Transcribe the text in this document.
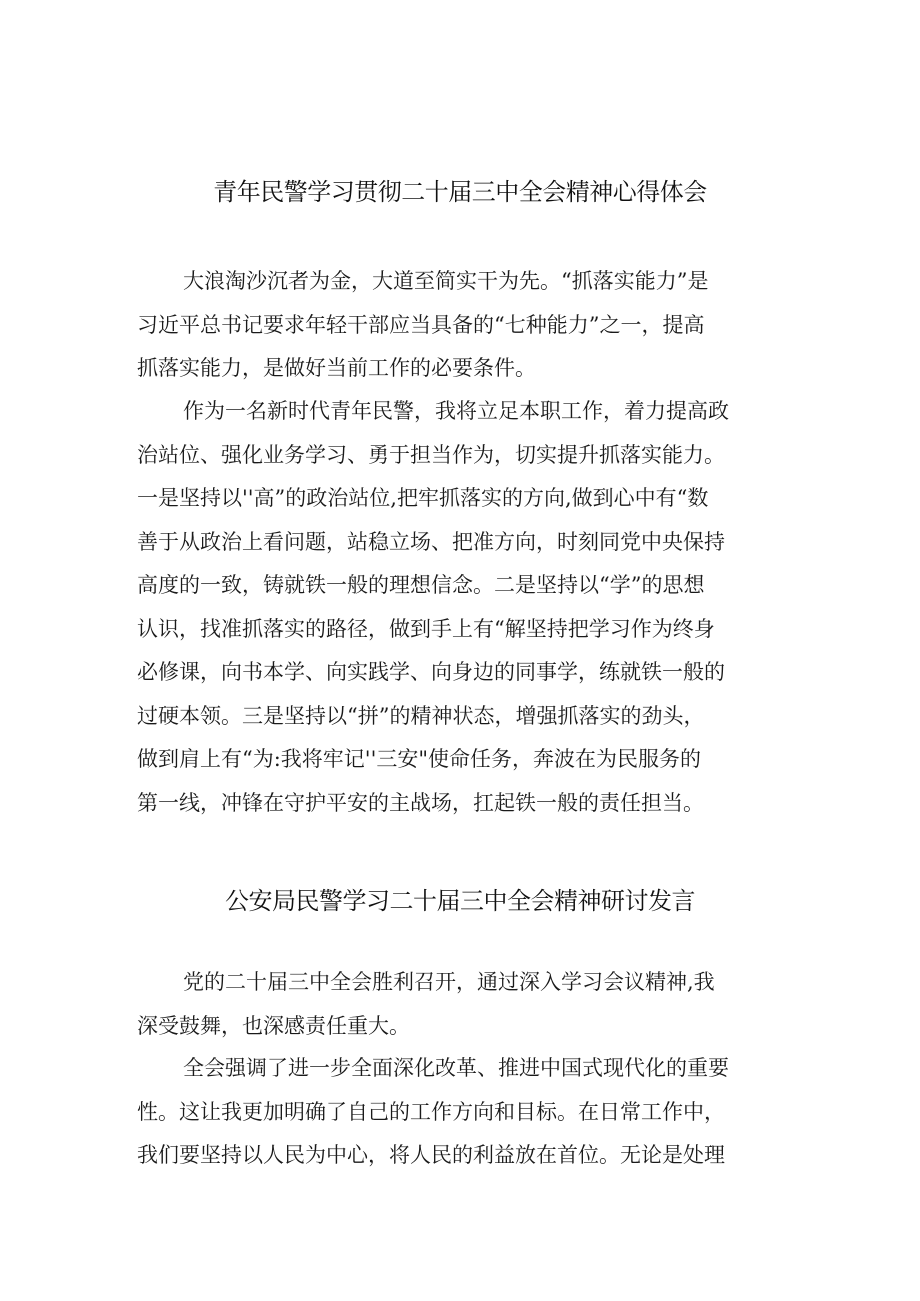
青年民警学习贯彻二十届三中全会精神心得体会
大浪淘沙沉者为金，大道至简实干为先。“抓落实能力”是
习近平总书记要求年轻干部应当具备的“七种能力”之一，提高
抓落实能力，是做好当前工作的必要条件。
作为一名新时代青年民警，我将立足本职工作，着力提高政
治站位、强化业务学习、勇于担当作为，切实提升抓落实能力。
一是坚持以''高”的政治站位,把牢抓落实的方向,做到心中有“数
善于从政治上看问题，站稳立场、把准方向，时刻同党中央保持
高度的一致，铸就铁一般的理想信念。二是坚持以“学”的思想
认识，找准抓落实的路径，做到手上有“解坚持把学习作为终身
必修课，向书本学、向实践学、向身边的同事学，练就铁一般的
过硬本领。三是坚持以“拼”的精神状态，增强抓落实的劲头，
做到肩上有“为:我将牢记''三安"使命任务，奔波在为民服务的
第一线，冲锋在守护平安的主战场，扛起铁一般的责任担当。
公安局民警学习二十届三中全会精神研讨发言
党的二十届三中全会胜利召开，通过深入学习会议精神,我
深受鼓舞，也深感责任重大。
全会强调了进一步全面深化改革、推进中国式现代化的重要
性。这让我更加明确了自己的工作方向和目标。在日常工作中，
我们要坚持以人民为中心，将人民的利益放在首位。无论是处理
